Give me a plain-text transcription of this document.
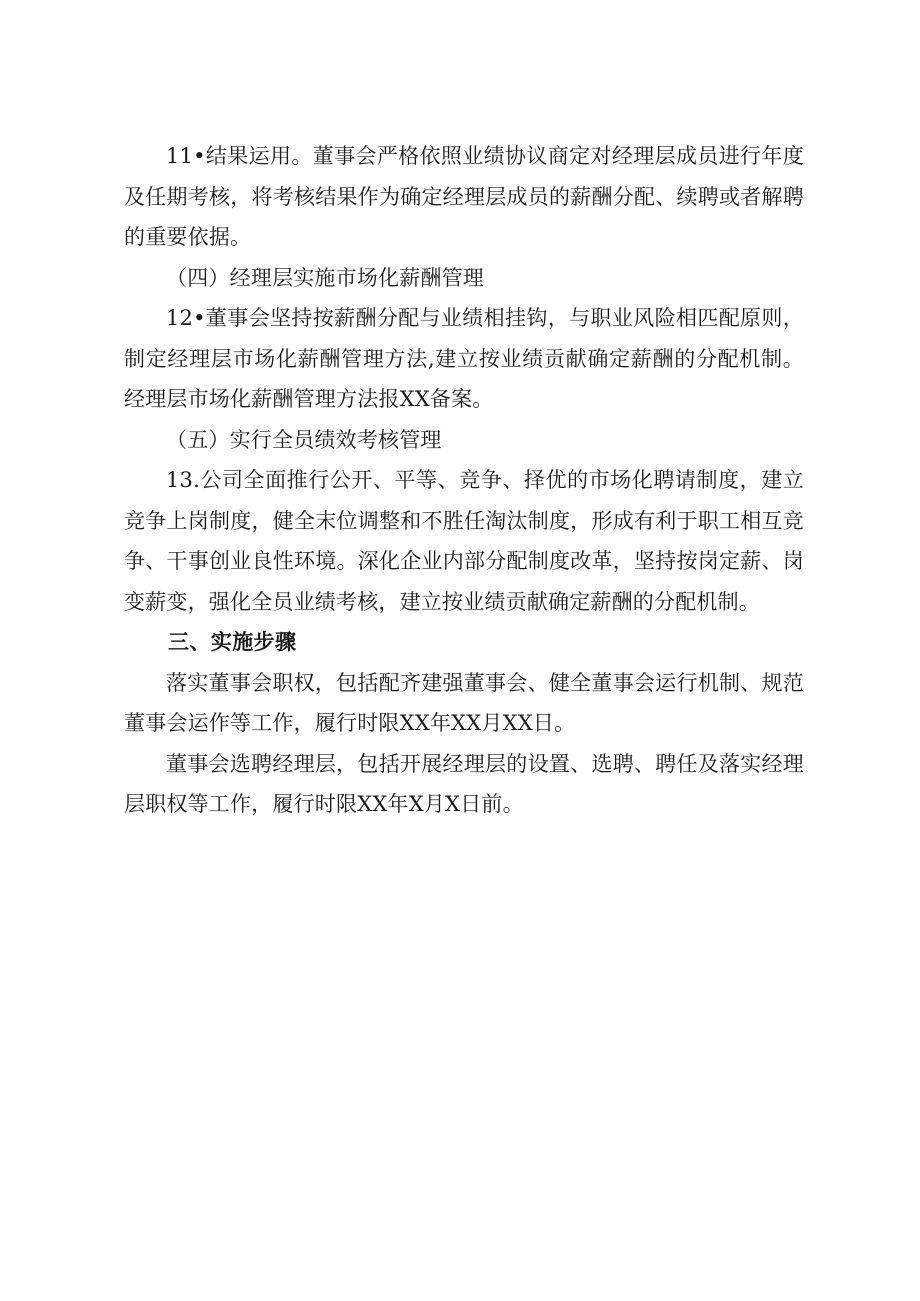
11•结果运用。董事会严格依照业绩协议商定对经理层成员进行年度及任期考核，将考核结果作为确定经理层成员的薪酬分配、续聘或者解聘的重要依据。

（四）经理层实施市场化薪酬管理

12•董事会坚持按薪酬分配与业绩相挂钩，与职业风险相匹配原则，制定经理层市场化薪酬管理方法,建立按业绩贡献确定薪酬的分配机制。经理层市场化薪酬管理方法报XX备案。

（五）实行全员绩效考核管理

13.公司全面推行公开、平等、竞争、择优的市场化聘请制度，建立竞争上岗制度，健全末位调整和不胜任淘汰制度，形成有利于职工相互竞争、干事创业良性环境。深化企业内部分配制度改革，坚持按岗定薪、岗变薪变，强化全员业绩考核，建立按业绩贡献确定薪酬的分配机制。

三、实施步骤

落实董事会职权，包括配齐建强董事会、健全董事会运行机制、规范董事会运作等工作，履行时限XX年XX月XX日。

董事会选聘经理层，包括开展经理层的设置、选聘、聘任及落实经理层职权等工作，履行时限XX年X月X日前。
